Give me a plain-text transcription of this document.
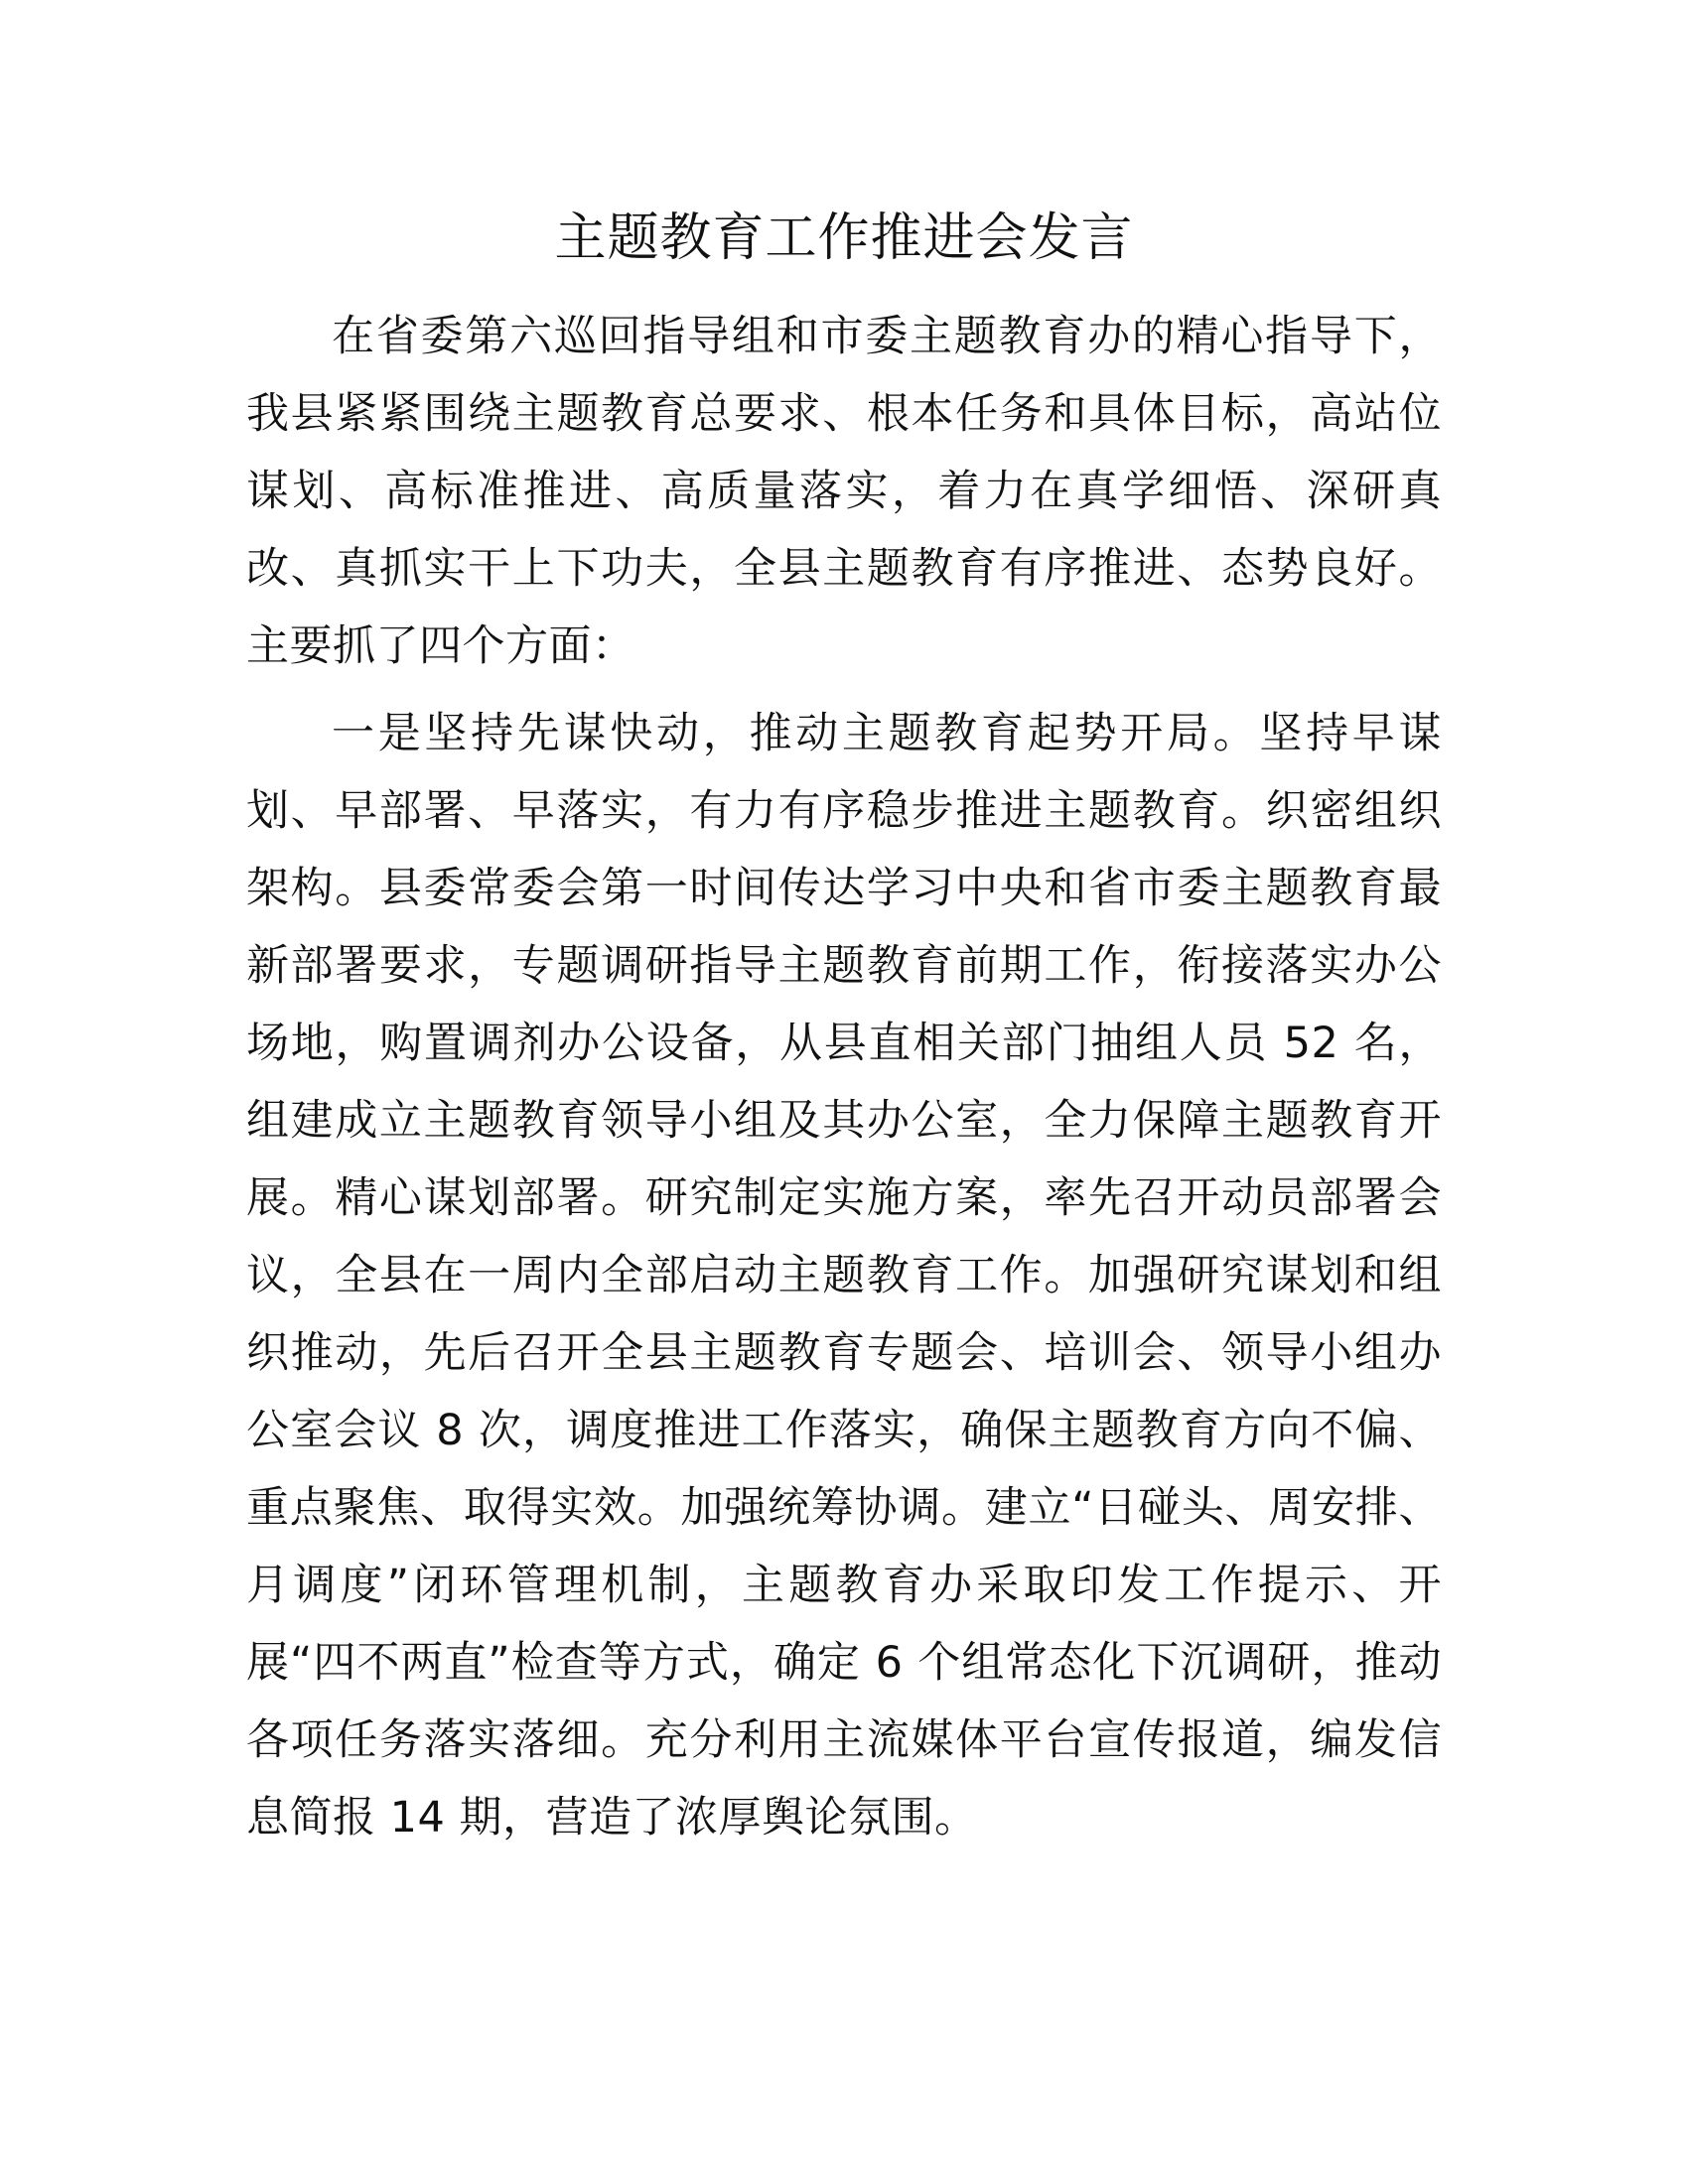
主题教育工作推进会发言

在省委第六巡回指导组和市委主题教育办的精心指导下，我县紧紧围绕主题教育总要求、根本任务和具体目标，高站位谋划、高标准推进、高质量落实，着力在真学细悟、深研真改、真抓实干上下功夫，全县主题教育有序推进、态势良好。主要抓了四个方面：

一是坚持先谋快动，推动主题教育起势开局。坚持早谋划、早部署、早落实，有力有序稳步推进主题教育。织密组织架构。县委常委会第一时间传达学习中央和省市委主题教育最新部署要求，专题调研指导主题教育前期工作，衔接落实办公场地，购置调剂办公设备，从县直相关部门抽组人员 52 名，组建成立主题教育领导小组及其办公室，全力保障主题教育开展。精心谋划部署。研究制定实施方案，率先召开动员部署会议，全县在一周内全部启动主题教育工作。加强研究谋划和组织推动，先后召开全县主题教育专题会、培训会、领导小组办公室会议 8 次，调度推进工作落实，确保主题教育方向不偏、重点聚焦、取得实效。加强统筹协调。建立“日碰头、周安排、月调度”闭环管理机制，主题教育办采取印发工作提示、开展“四不两直”检查等方式，确定 6 个组常态化下沉调研，推动各项任务落实落细。充分利用主流媒体平台宣传报道，编发信息简报 14 期，营造了浓厚舆论氛围。
